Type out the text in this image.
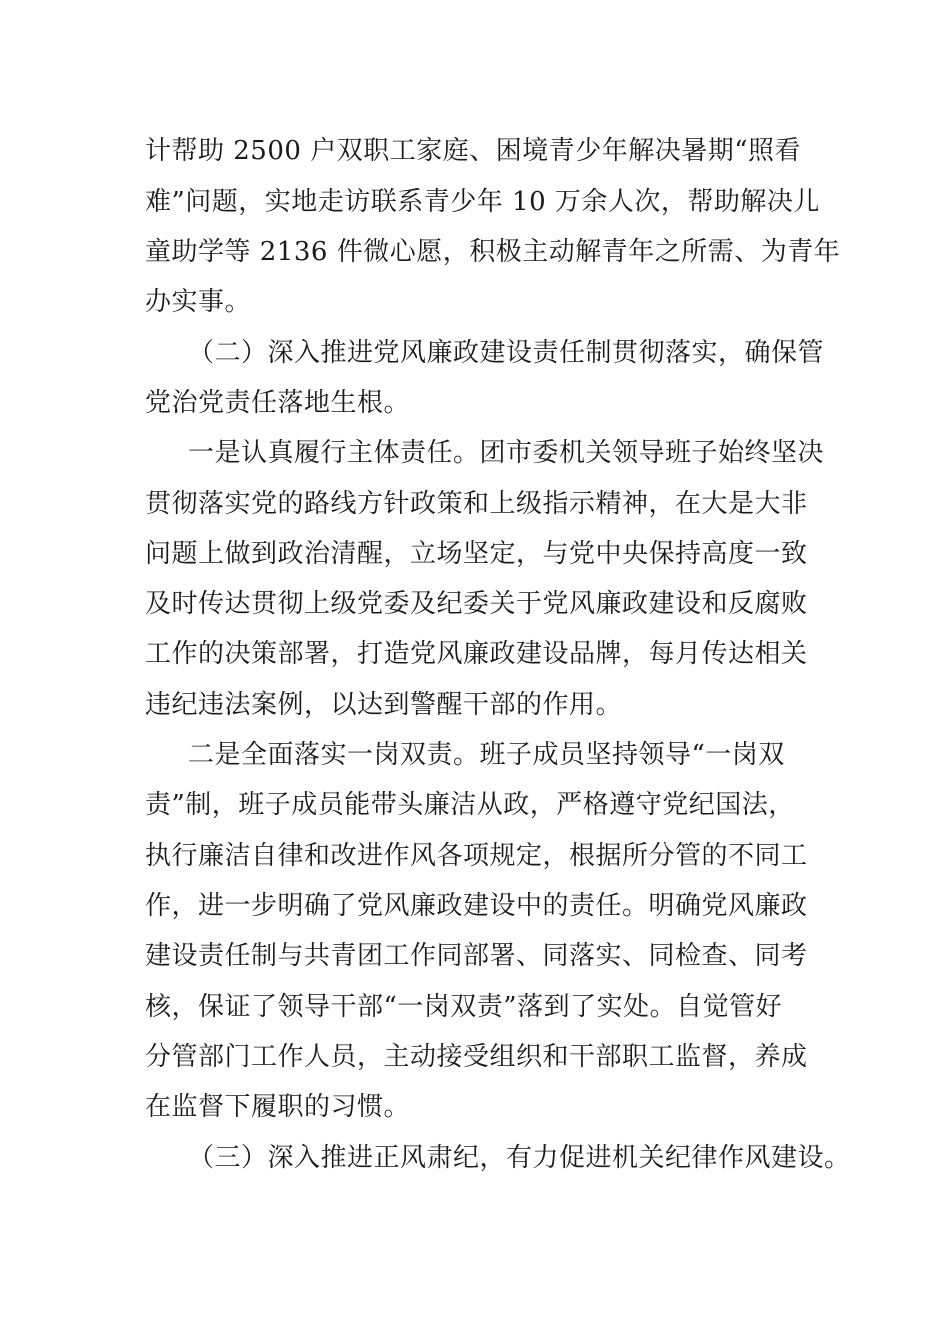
计帮助 2500 户双职工家庭、困境青少年解决暑期“照看
难”问题，实地走访联系青少年 10 万余人次，帮助解决儿
童助学等 2136 件微心愿，积极主动解青年之所需、为青年
办实事。
（二）深入推进党风廉政建设责任制贯彻落实，确保管
党治党责任落地生根。
一是认真履行主体责任。团市委机关领导班子始终坚决
贯彻落实党的路线方针政策和上级指示精神，在大是大非
问题上做到政治清醒，立场坚定，与党中央保持高度一致
及时传达贯彻上级党委及纪委关于党风廉政建设和反腐败
工作的决策部署，打造党风廉政建设品牌，每月传达相关
违纪违法案例，以达到警醒干部的作用。
二是全面落实一岗双责。班子成员坚持领导“一岗双
责”制，班子成员能带头廉洁从政，严格遵守党纪国法，
执行廉洁自律和改进作风各项规定，根据所分管的不同工
作，进一步明确了党风廉政建设中的责任。明确党风廉政
建设责任制与共青团工作同部署、同落实、同检查、同考
核，保证了领导干部“一岗双责”落到了实处。自觉管好
分管部门工作人员，主动接受组织和干部职工监督，养成
在监督下履职的习惯。
（三）深入推进正风肃纪，有力促进机关纪律作风建设。
